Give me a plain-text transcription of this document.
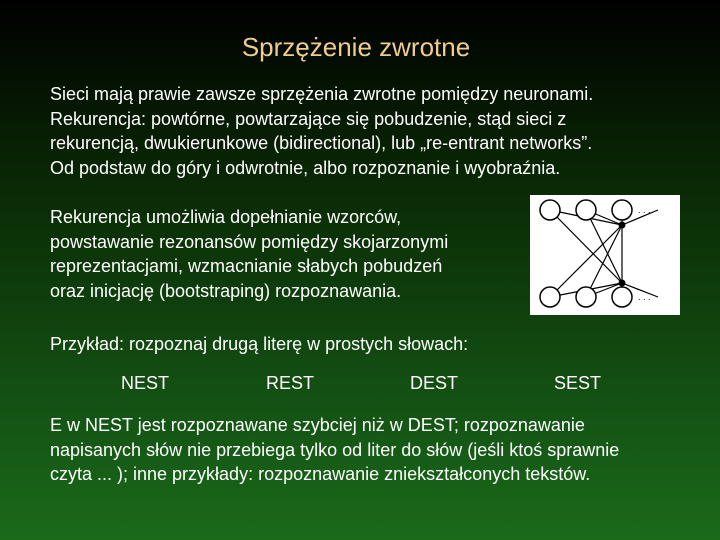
Sprzężenie zwrotne

Sieci mają prawie zawsze sprzężenia zwrotne pomiędzy neuronami.
Rekurencja: powtórne, powtarzające się pobudzenie, stąd sieci z
rekurencją, dwukierunkowe (bidirectional), lub „re-entrant networks”.
Od podstaw do góry i odwrotnie, albo rozpoznanie i wyobraźnia.

Rekurencja umożliwia dopełnianie wzorców,
powstawanie rezonansów pomiędzy skojarzonymi
reprezentacjami, wzmacnianie słabych pobudzeń
oraz inicjację (bootstraping) rozpoznawania.

. . .
. . .

Przykład: rozpoznaj drugą literę w prostych słowach:

NEST	REST	DEST	SEST

E w NEST jest rozpoznawane szybciej niż w DEST; rozpoznawanie
napisanych słów nie przebiega tylko od liter do słów (jeśli ktoś sprawnie
czyta ... ); inne przykłady: rozpoznawanie zniekształconych tekstów.
